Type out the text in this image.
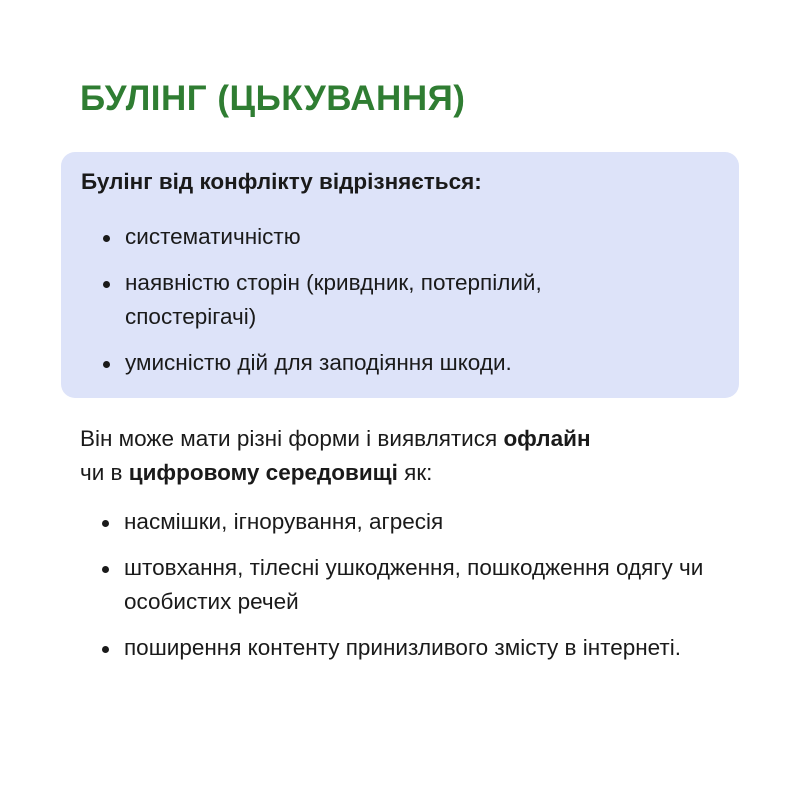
БУЛІНГ (ЦЬКУВАННЯ)

Булінг від конфлікту відрізняється:

систематичністю
наявністю сторін (кривдник, потерпілий, спостерігачі)
умисністю дій для заподіяння шкоди.

Він може мати різні форми і виявлятися офлайн
чи в цифровому середовищі як:

насмішки, ігнорування, агресія
штовхання, тілесні ушкодження, пошкодження одягу чи особистих речей
поширення контенту принизливого змісту в інтернеті.
